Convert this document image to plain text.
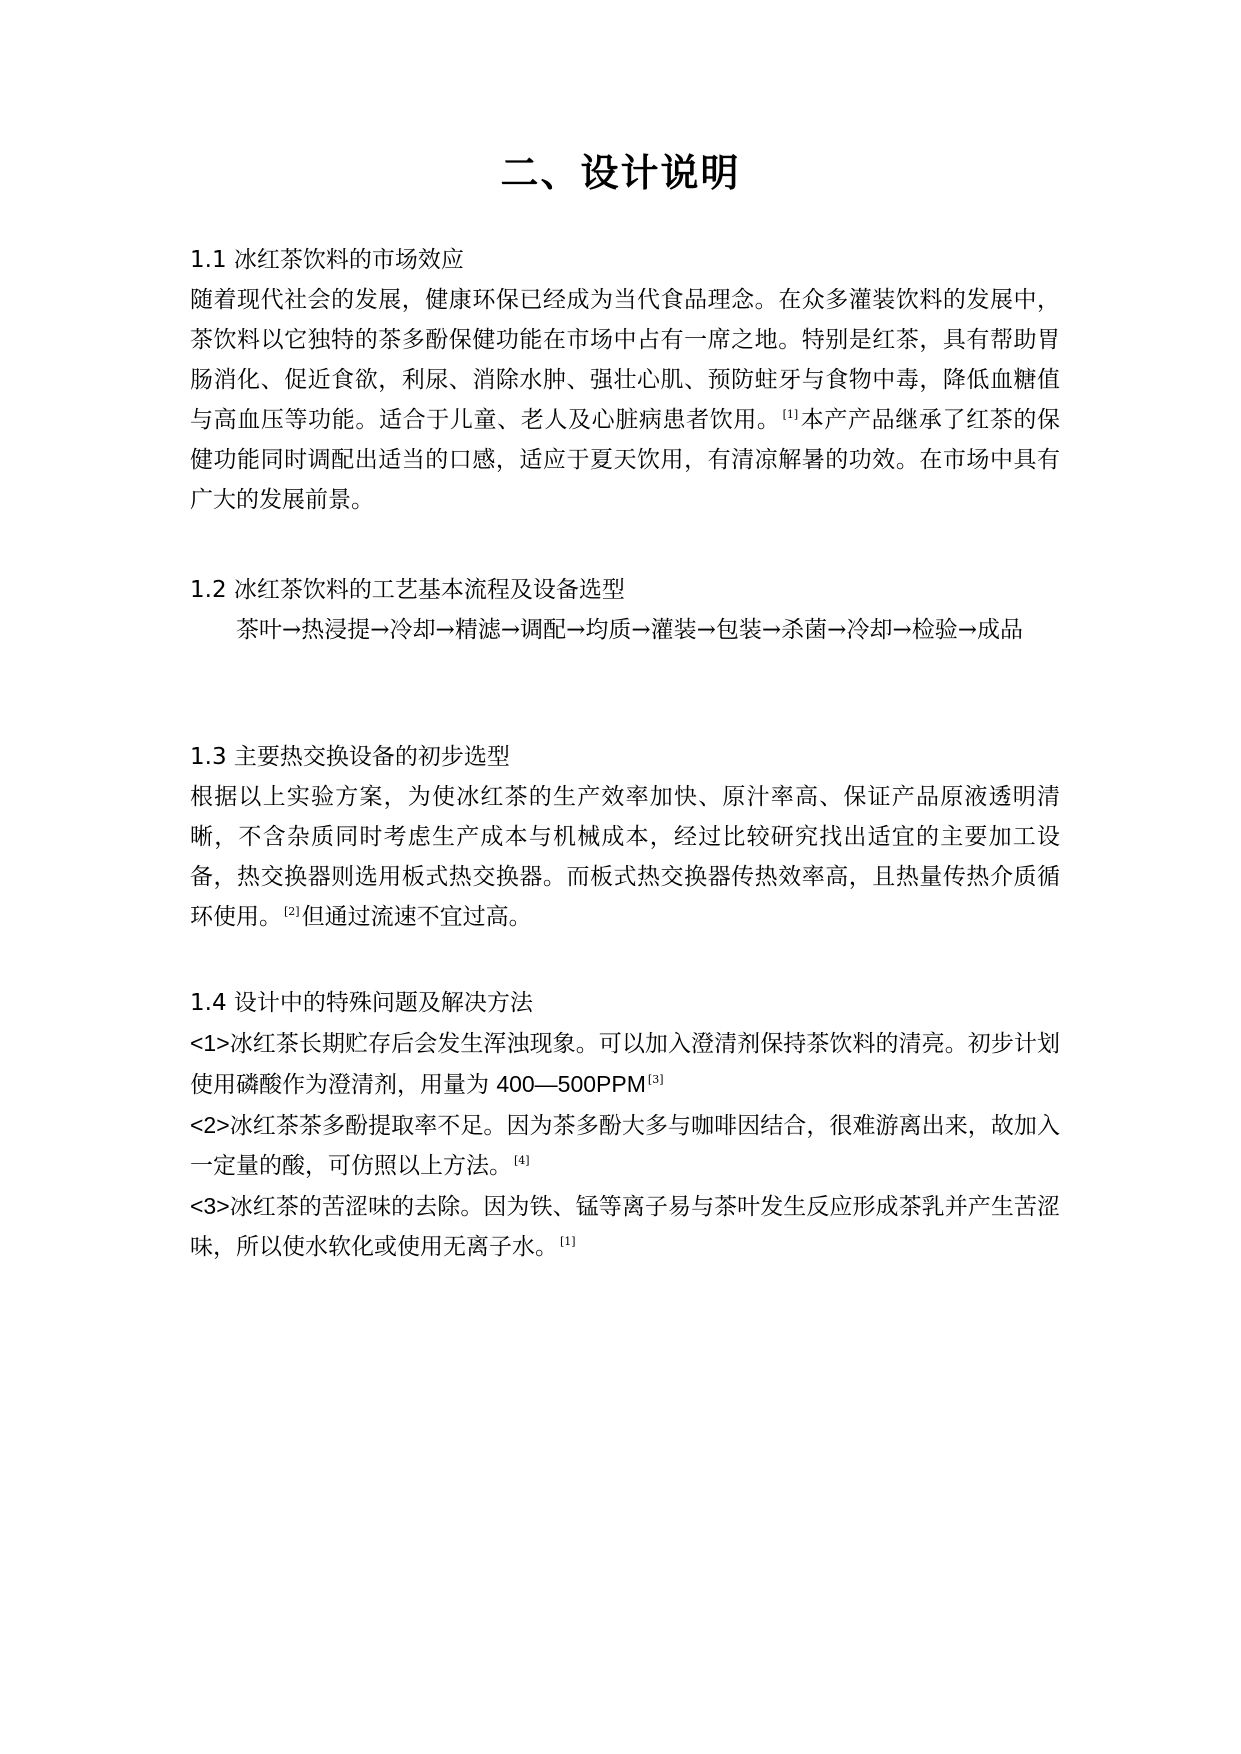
二、设计说明

1.1 冰红茶饮料的市场效应

随着现代社会的发展，健康环保已经成为当代食品理念。在众多灌装饮料的发展中，茶饮料以它独特的茶多酚保健功能在市场中占有一席之地。特别是红茶，具有帮助胃肠消化、促近食欲，利尿、消除水肿、强壮心肌、预防蛀牙与食物中毒，降低血糖值与高血压等功能。适合于儿童、老人及心脏病患者饮用。 [1]本产产品继承了红茶的保健功能同时调配出适当的口感，适应于夏天饮用，有清凉解暑的功效。在市场中具有广大的发展前景。

1.2 冰红茶饮料的工艺基本流程及设备选型

茶叶→热浸提→冷却→精滤→调配→均质→灌装→包装→杀菌→冷却→检验→成品

1.3 主要热交换设备的初步选型

根据以上实验方案，为使冰红茶的生产效率加快、原汁率高、保证产品原液透明清晰，不含杂质同时考虑生产成本与机械成本，经过比较研究找出适宜的主要加工设备，热交换器则选用板式热交换器。而板式热交换器传热效率高，且热量传热介质循环使用。 [2]但通过流速不宜过高。

1.4 设计中的特殊问题及解决方法

<1>冰红茶长期贮存后会发生浑浊现象。可以加入澄清剂保持茶饮料的清亮。初步计划使用磷酸作为澄清剂，用量为 400—500PPM [3]

<2>冰红茶茶多酚提取率不足。因为茶多酚大多与咖啡因结合，很难游离出来，故加入一定量的酸，可仿照以上方法。 [4]

<3>冰红茶的苦涩味的去除。因为铁、锰等离子易与茶叶发生反应形成茶乳并产生苦涩味，所以使水软化或使用无离子水。 [1]
